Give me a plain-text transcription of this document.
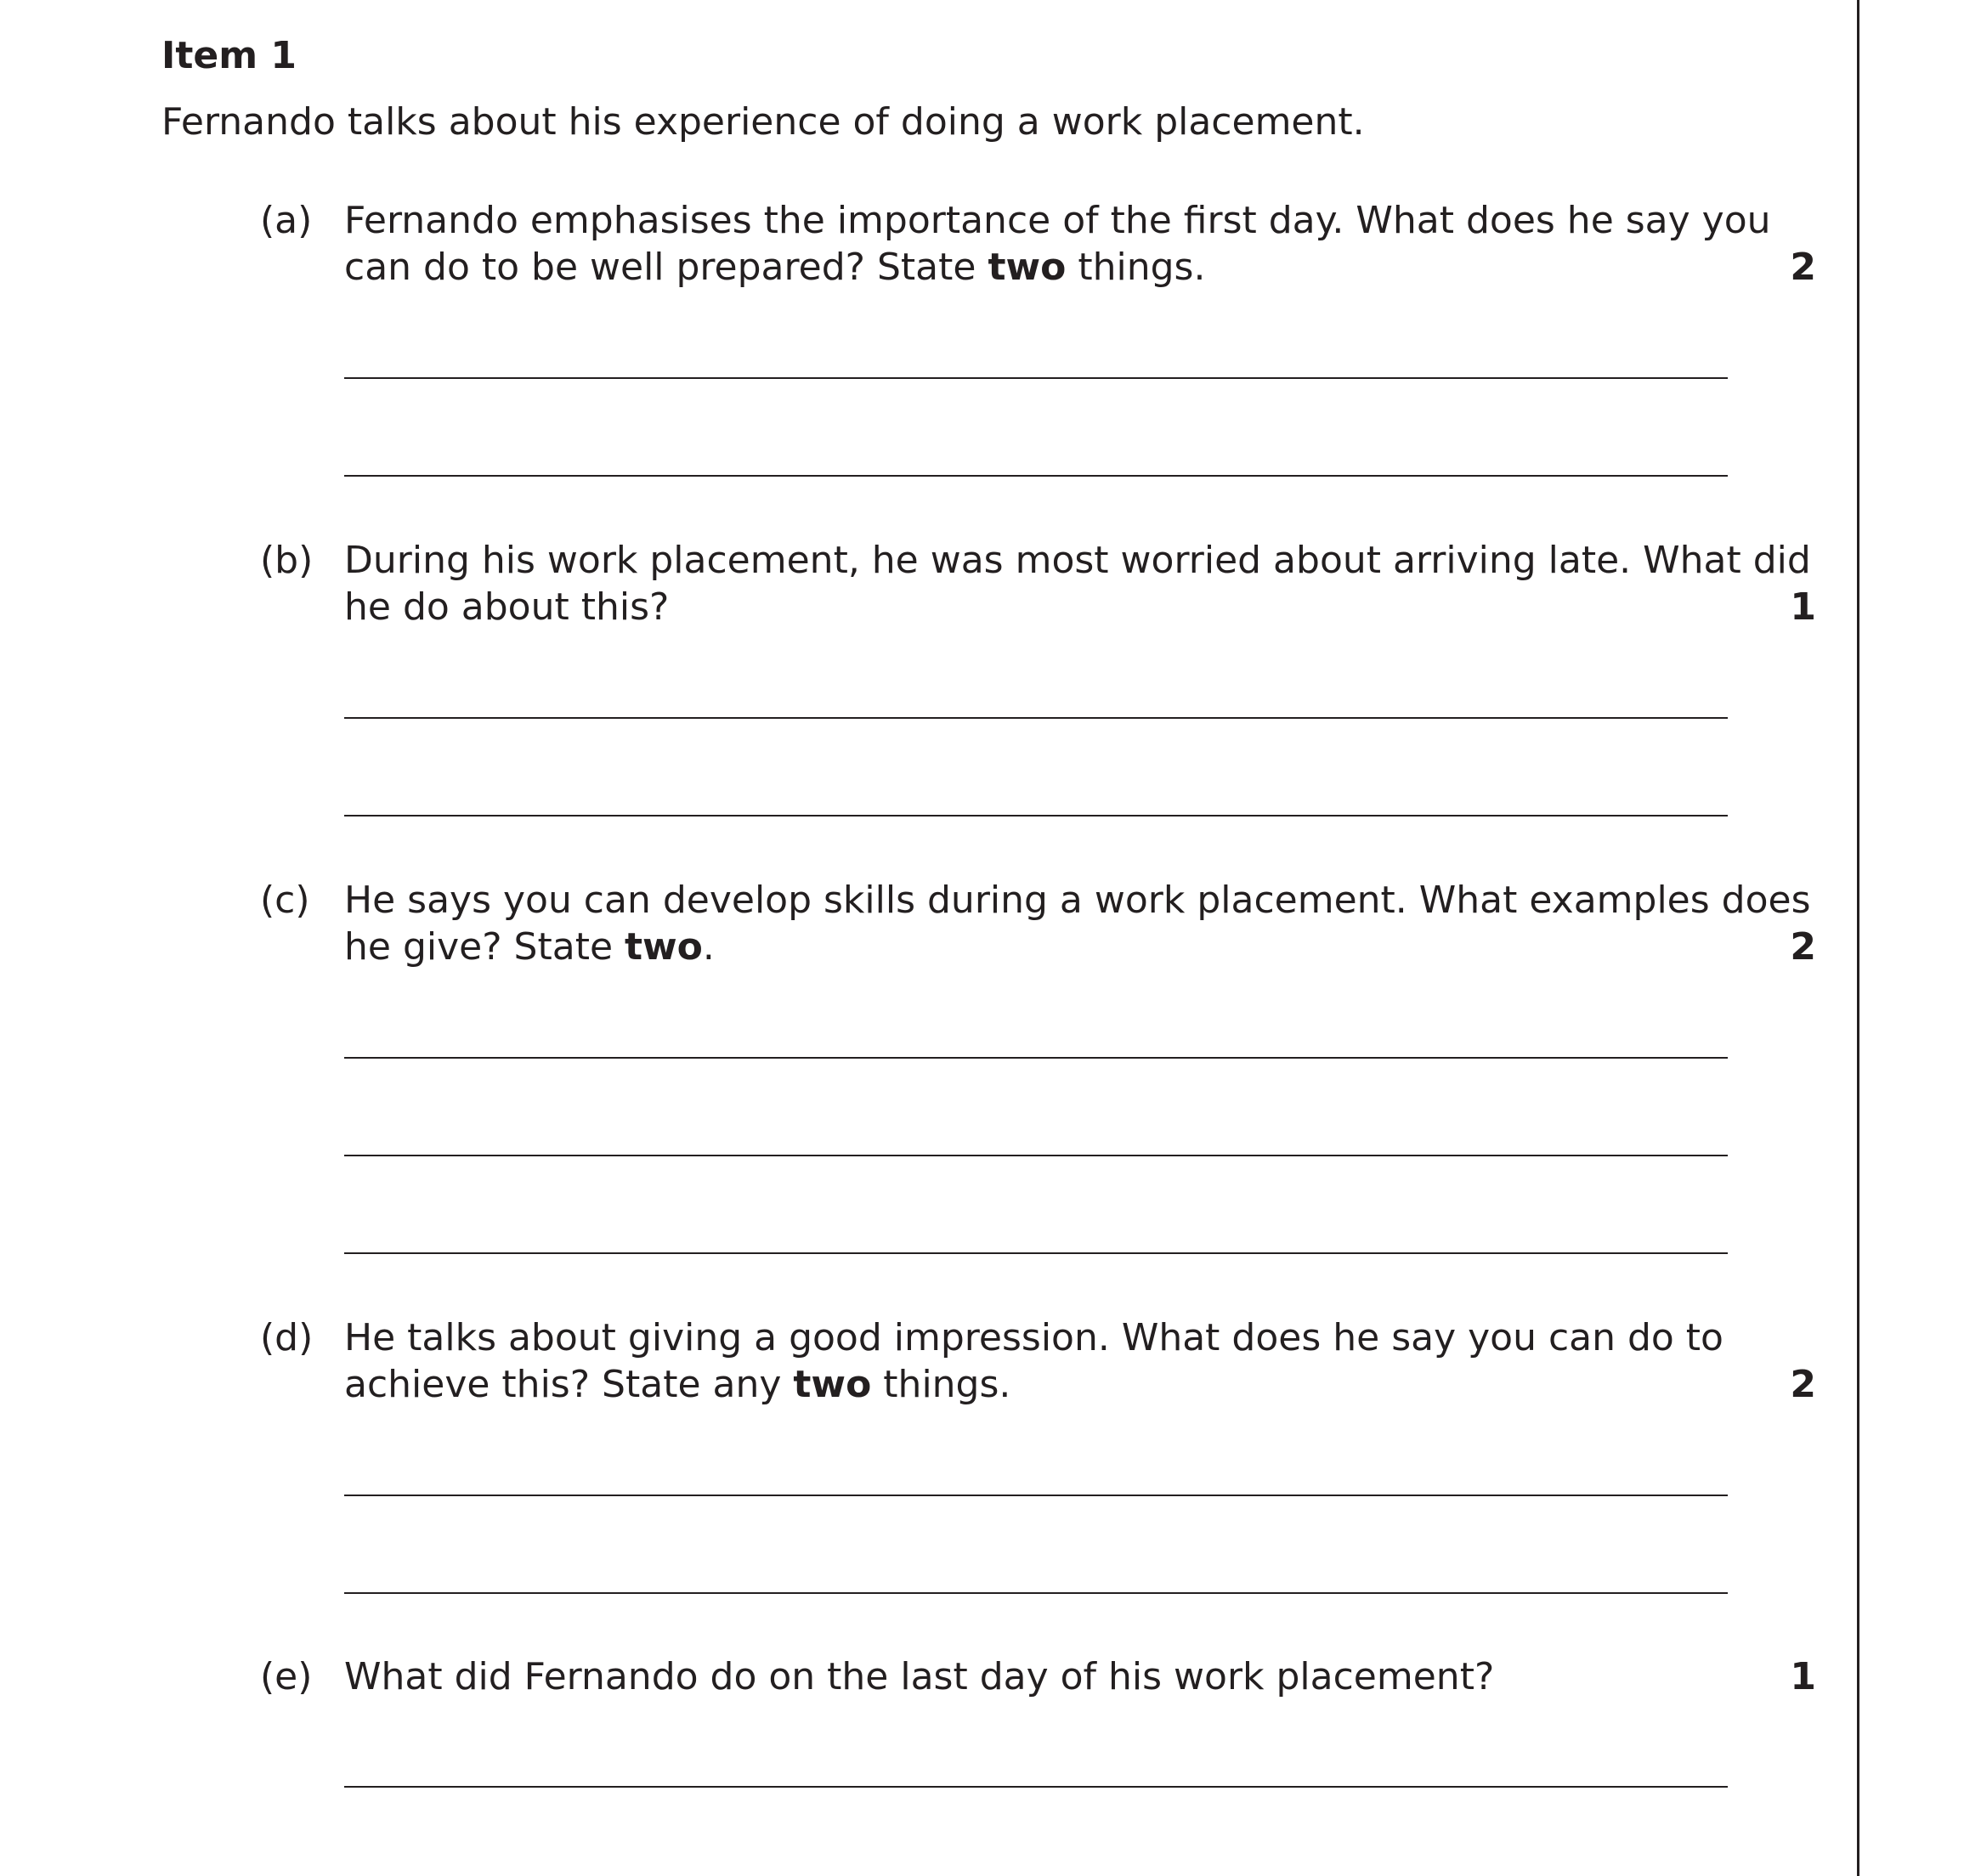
Item 1
Fernando talks about his experience of doing a work placement.
(a) Fernando emphasises the importance of the first day. What does he say you
can do to be well prepared? State two things.	2
(b) During his work placement, he was most worried about arriving late. What did
he do about this?	1
(c) He says you can develop skills during a work placement. What examples does
he give? State two.	2
(d) He talks about giving a good impression. What does he say you can do to
achieve this? State any two things.	2
(e) What did Fernando do on the last day of his work placement?	1
